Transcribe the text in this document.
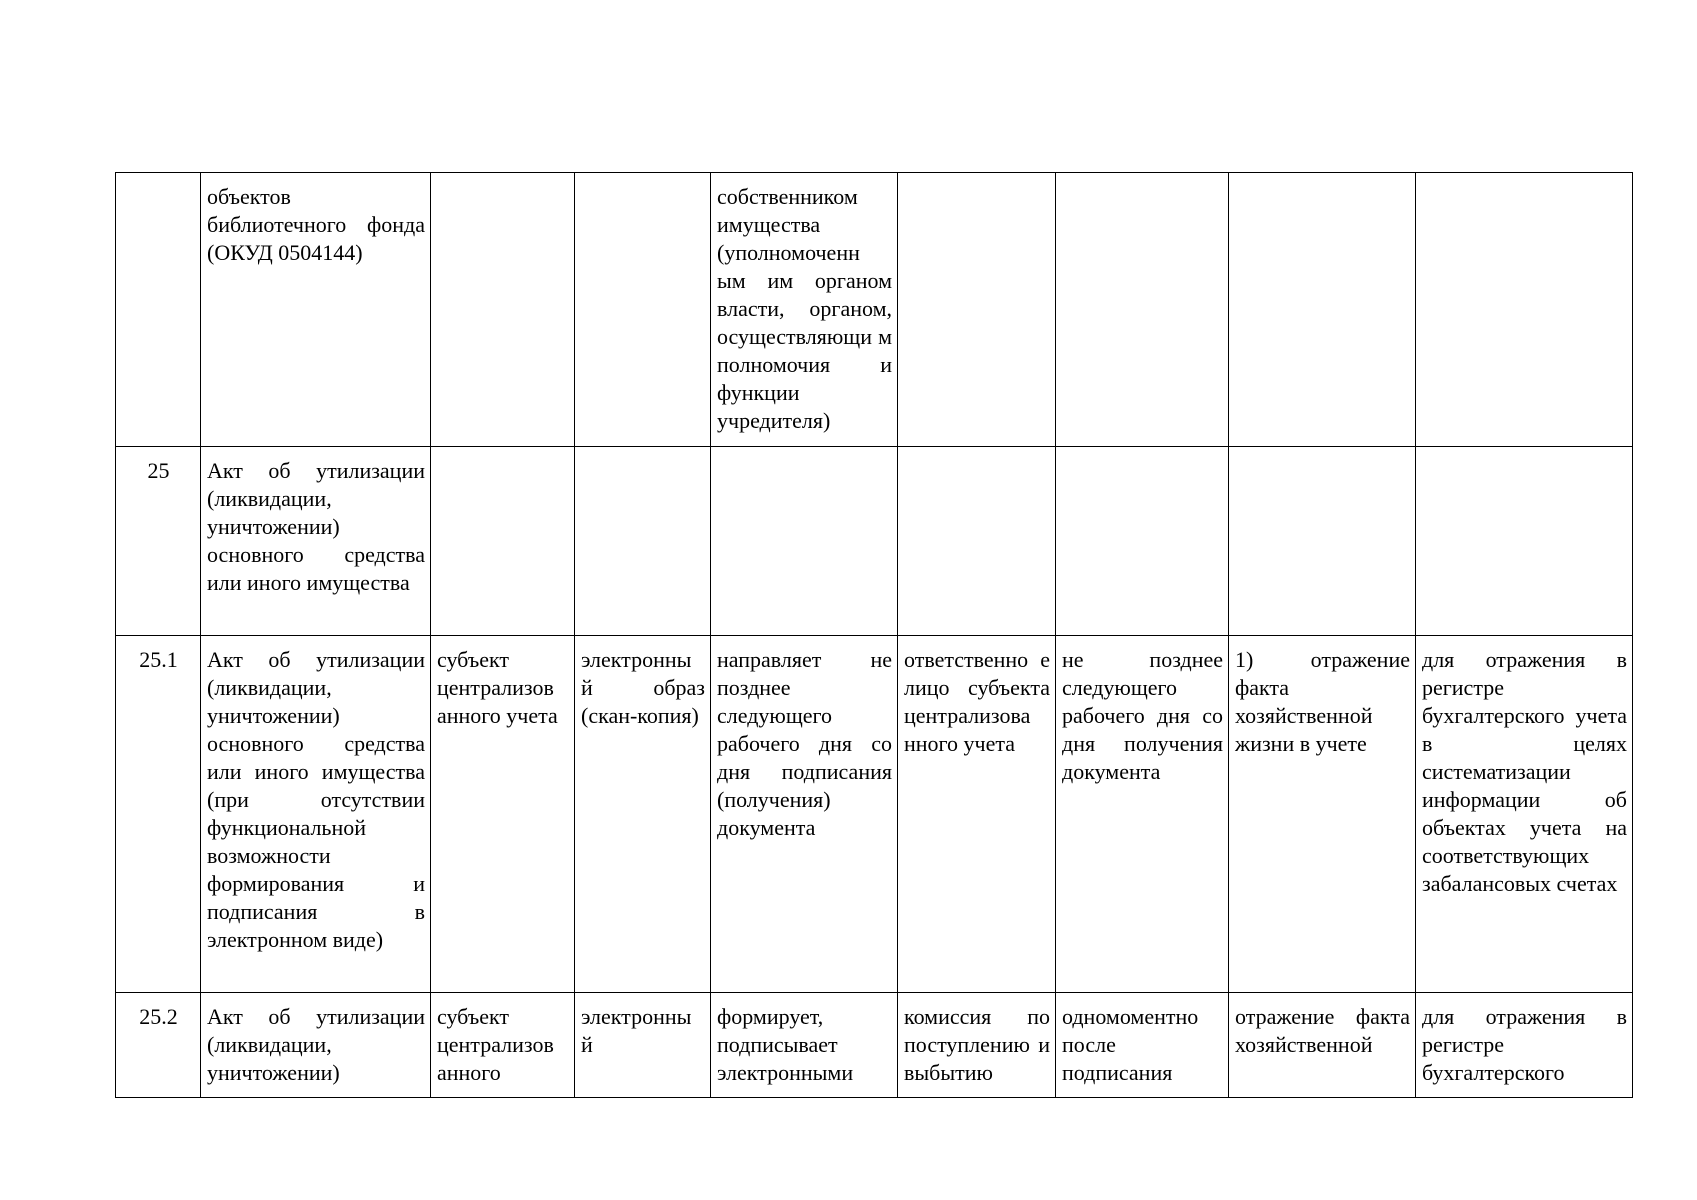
	объектов библиотечного фонда (ОКУД 0504144)			собственником имущества (уполномоченн ым им органом власти, органом, осуществляющи м полномочия и функции учредителя)				
25	Акт об утилизации (ликвидации, уничтожении) основного средства или иного имущества							
25.1	Акт об утилизации (ликвидации, уничтожении) основного средства или иного имущества (при отсутствии функциональной возможности формирования и подписания в электронном виде)	субъект централизов анного учета	электронны й образ (скан-копия)	направляет не позднее следующего рабочего дня со дня подписания (получения) документа	ответственно е лицо субъекта централизова нного учета	не позднее следующего рабочего дня со дня получения документа	1) отражение факта хозяйственной жизни в учете	для отражения в регистре бухгалтерского учета в целях систематизации информации об объектах учета на соответствующих забалансовых счетах
25.2	Акт об утилизации (ликвидации, уничтожении)	субъект централизов анного	электронны й	формирует, подписывает электронными	комиссия по поступлению и выбытию	одномоментно после подписания	отражение факта хозяйственной	для отражения в регистре бухгалтерского
